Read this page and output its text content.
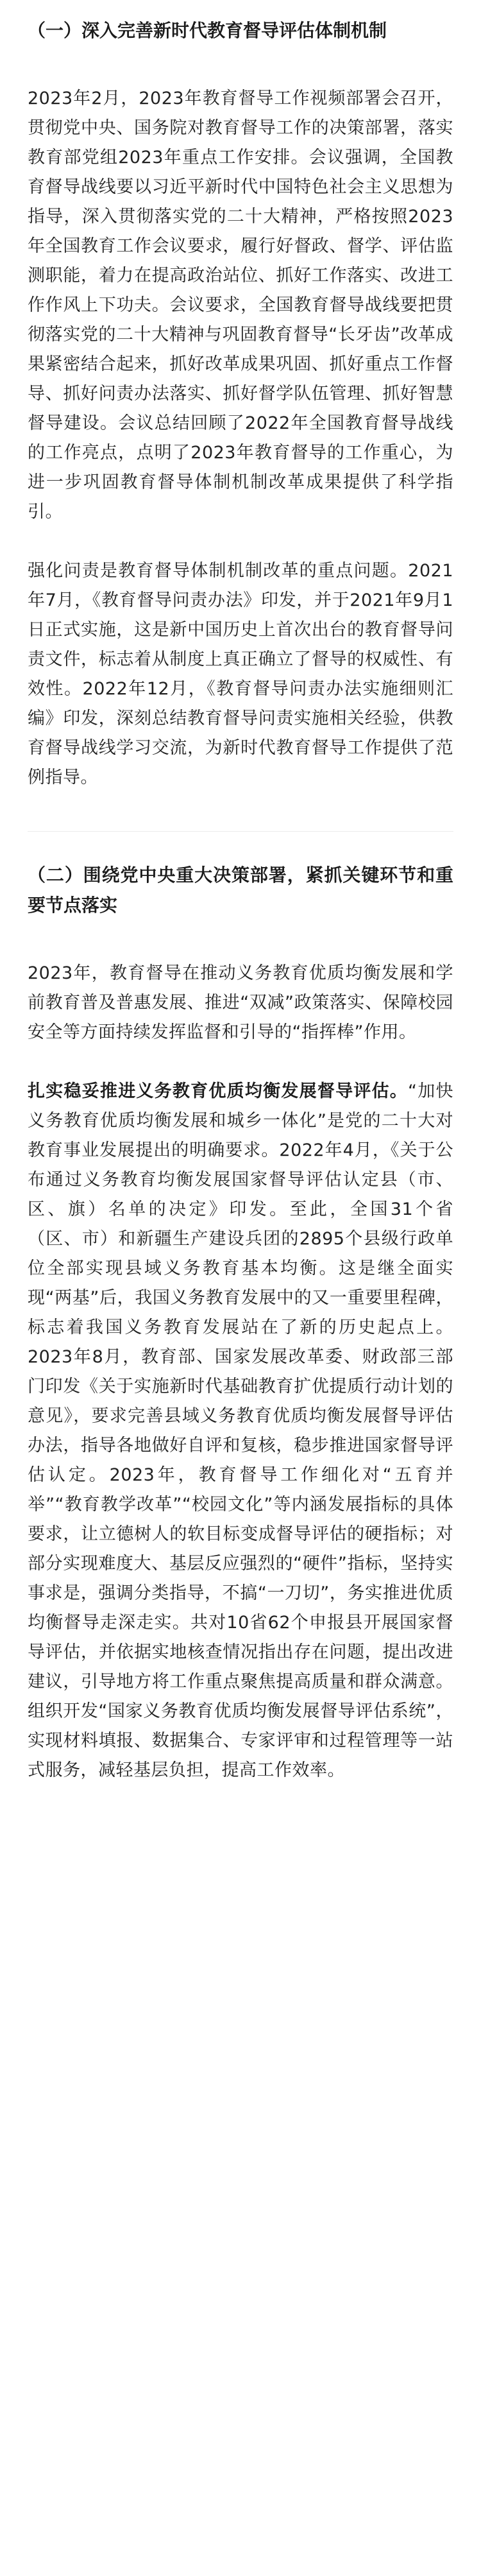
（一）深入完善新时代教育督导评估体制机制

2023年2月，2023年教育督导工作视频部署会召开，贯彻党中央、国务院对教育督导工作的决策部署，落实教育部党组2023年重点工作安排。会议强调，全国教育督导战线要以习近平新时代中国特色社会主义思想为指导，深入贯彻落实党的二十大精神，严格按照2023年全国教育工作会议要求，履行好督政、督学、评估监测职能，着力在提高政治站位、抓好工作落实、改进工作作风上下功夫。会议要求，全国教育督导战线要把贯彻落实党的二十大精神与巩固教育督导“长牙齿”改革成果紧密结合起来，抓好改革成果巩固、抓好重点工作督导、抓好问责办法落实、抓好督学队伍管理、抓好智慧督导建设。会议总结回顾了2022年全国教育督导战线的工作亮点，点明了2023年教育督导的工作重心，为进一步巩固教育督导体制机制改革成果提供了科学指引。

强化问责是教育督导体制机制改革的重点问题。2021年7月，《教育督导问责办法》印发，并于2021年9月1日正式实施，这是新中国历史上首次出台的教育督导问责文件，标志着从制度上真正确立了督导的权威性、有效性。2022年12月，《教育督导问责办法实施细则汇编》印发，深刻总结教育督导问责实施相关经验，供教育督导战线学习交流，为新时代教育督导工作提供了范例指导。

（二）围绕党中央重大决策部署，紧抓关键环节和重要节点落实

2023年，教育督导在推动义务教育优质均衡发展和学前教育普及普惠发展、推进“双减”政策落实、保障校园安全等方面持续发挥监督和引导的“指挥棒”作用。

扎实稳妥推进义务教育优质均衡发展督导评估。“加快义务教育优质均衡发展和城乡一体化”是党的二十大对教育事业发展提出的明确要求。2022年4月，《关于公布通过义务教育均衡发展国家督导评估认定县（市、区、旗）名单的决定》印发。至此，全国31个省（区、市）和新疆生产建设兵团的2895个县级行政单位全部实现县域义务教育基本均衡。这是继全面实现“两基”后，我国义务教育发展中的又一重要里程碑，标志着我国义务教育发展站在了新的历史起点上。2023年8月，教育部、国家发展改革委、财政部三部门印发《关于实施新时代基础教育扩优提质行动计划的意见》，要求完善县域义务教育优质均衡发展督导评估办法，指导各地做好自评和复核，稳步推进国家督导评估认定。2023年，教育督导工作细化对“五育并举”“教育教学改革”“校园文化”等内涵发展指标的具体要求，让立德树人的软目标变成督导评估的硬指标；对部分实现难度大、基层反应强烈的“硬件”指标，坚持实事求是，强调分类指导，不搞“一刀切”，务实推进优质均衡督导走深走实。共对10省62个申报县开展国家督导评估，并依据实地核查情况指出存在问题，提出改进建议，引导地方将工作重点聚焦提高质量和群众满意。组织开发“国家义务教育优质均衡发展督导评估系统”，实现材料填报、数据集合、专家评审和过程管理等一站式服务，减轻基层负担，提高工作效率。
